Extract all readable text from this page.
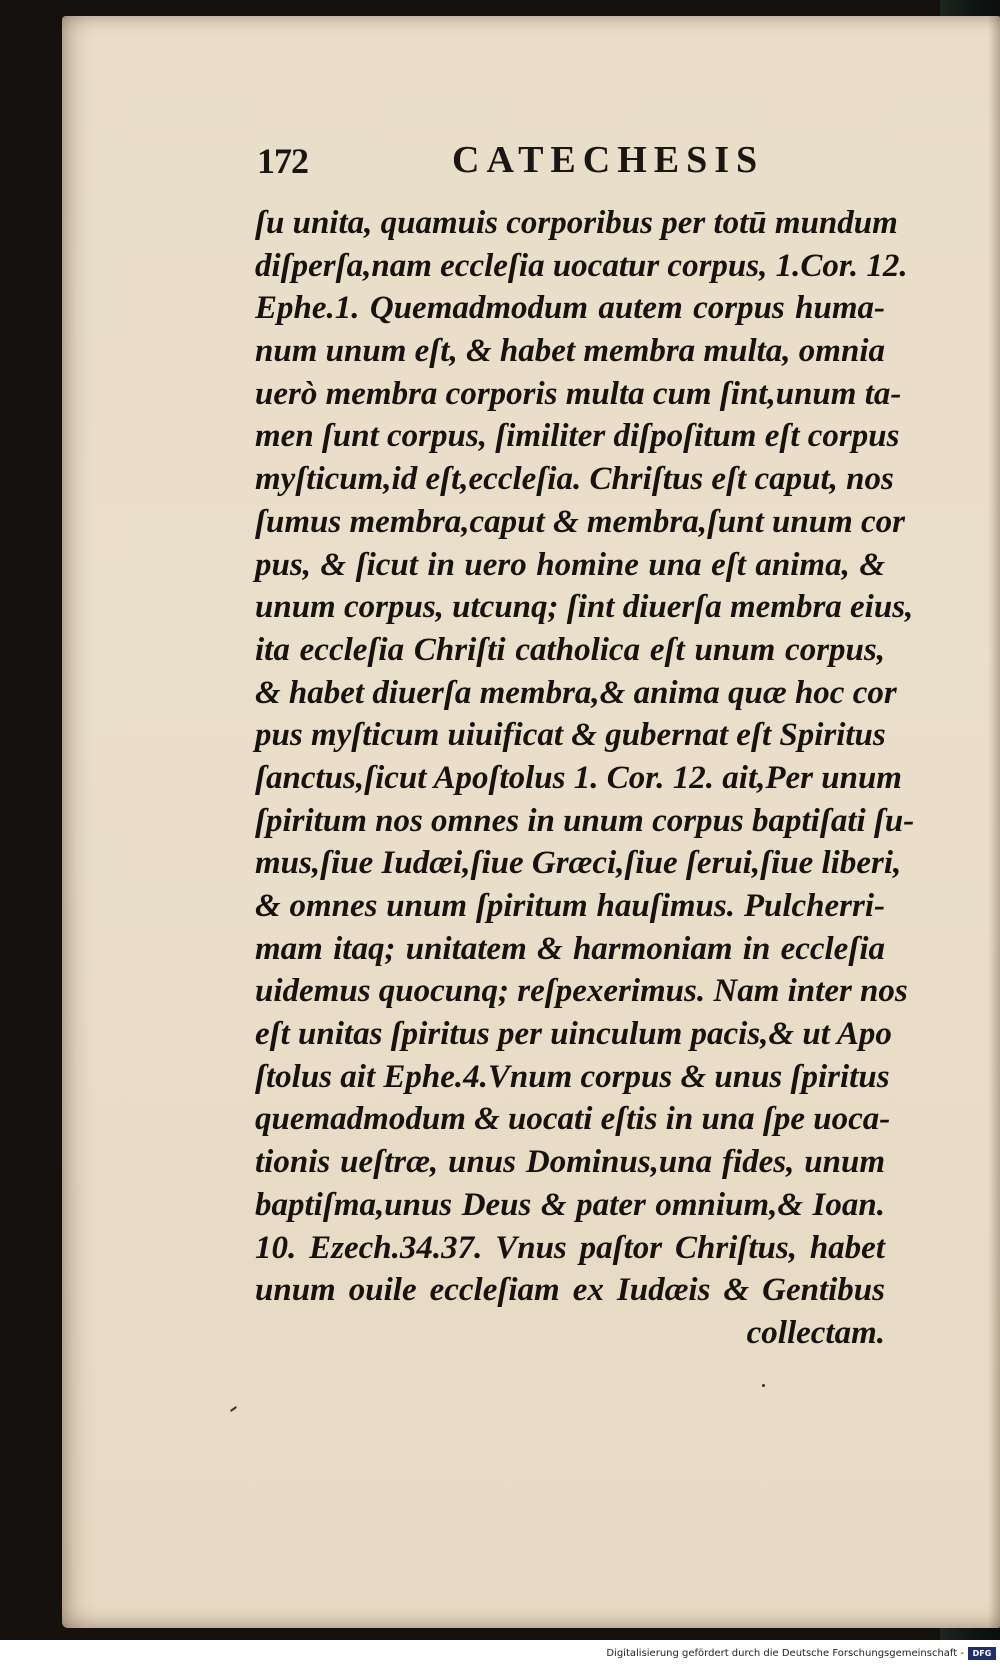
172	CATECHESIS
ſu unita, quamuis corporibus per totū mundum
diſperſa,nam eccleſia uocatur corpus, 1.Cor. 12.
Ephe.1. Quemadmodum autem corpus huma-
num unum eſt, & habet membra multa, omnia
uerò membra corporis multa cum ſint,unum ta-
men ſunt corpus, ſimiliter diſpoſitum eſt corpus
myſticum,id eſt,eccleſia. Chriſtus eſt caput, nos
ſumus membra,caput & membra,ſunt unum cor
pus, & ſicut in uero homine una eſt anima, &
unum corpus, utcunq; ſint diuerſa membra eius,
ita eccleſia Chriſti catholica eſt unum corpus,
& habet diuerſa membra,& anima quæ hoc cor
pus myſticum uiuificat & gubernat eſt Spiritus
ſanctus,ſicut Apoſtolus 1. Cor. 12. ait,Per unum
ſpiritum nos omnes in unum corpus baptiſati ſu-
mus,ſiue Iudæi,ſiue Græci,ſiue ſerui,ſiue liberi,
& omnes unum ſpiritum hauſimus. Pulcherri-
mam itaq; unitatem & harmoniam in eccleſia
uidemus quocunq; reſpexerimus. Nam inter nos
eſt unitas ſpiritus per uinculum pacis,& ut Apo
ſtolus ait Ephe.4.Vnum corpus & unus ſpiritus
quemadmodum & uocati eſtis in una ſpe uoca-
tionis ueſtræ, unus Dominus,una fides, unum
baptiſma,unus Deus & pater omnium,& Ioan.
10. Ezech.34.37. Vnus paſtor Chriſtus, habet
unum ouile eccleſiam ex Iudæis & Gentibus
collectam.
Digitalisierung gefördert durch die Deutsche Forschungsgemeinschaft -	DFG
